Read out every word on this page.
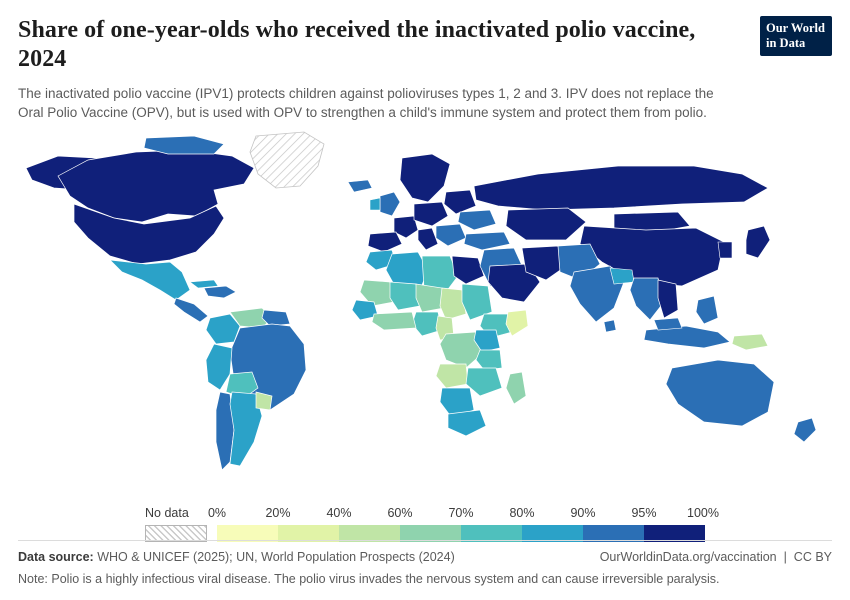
Share of one-year-olds who received the inactivated polio vaccine, 2024
The inactivated polio vaccine (IPV1) protects children against polioviruses types 1, 2 and 3. IPV does not replace the Oral Polio Vaccine (OPV), but is used with OPV to strengthen a child's immune system and protect them from polio.
Our World
in Data
No data 0%	20%	40%	60%	70%	80%	90%	95% 100%
Data source: WHO & UNICEF (2025); UN, World Population Prospects (2024)	OurWorldinData.org/vaccination  |  CC BY
Note: Polio is a highly infectious viral disease. The polio virus invades the nervous system and can cause irreversible paralysis.
